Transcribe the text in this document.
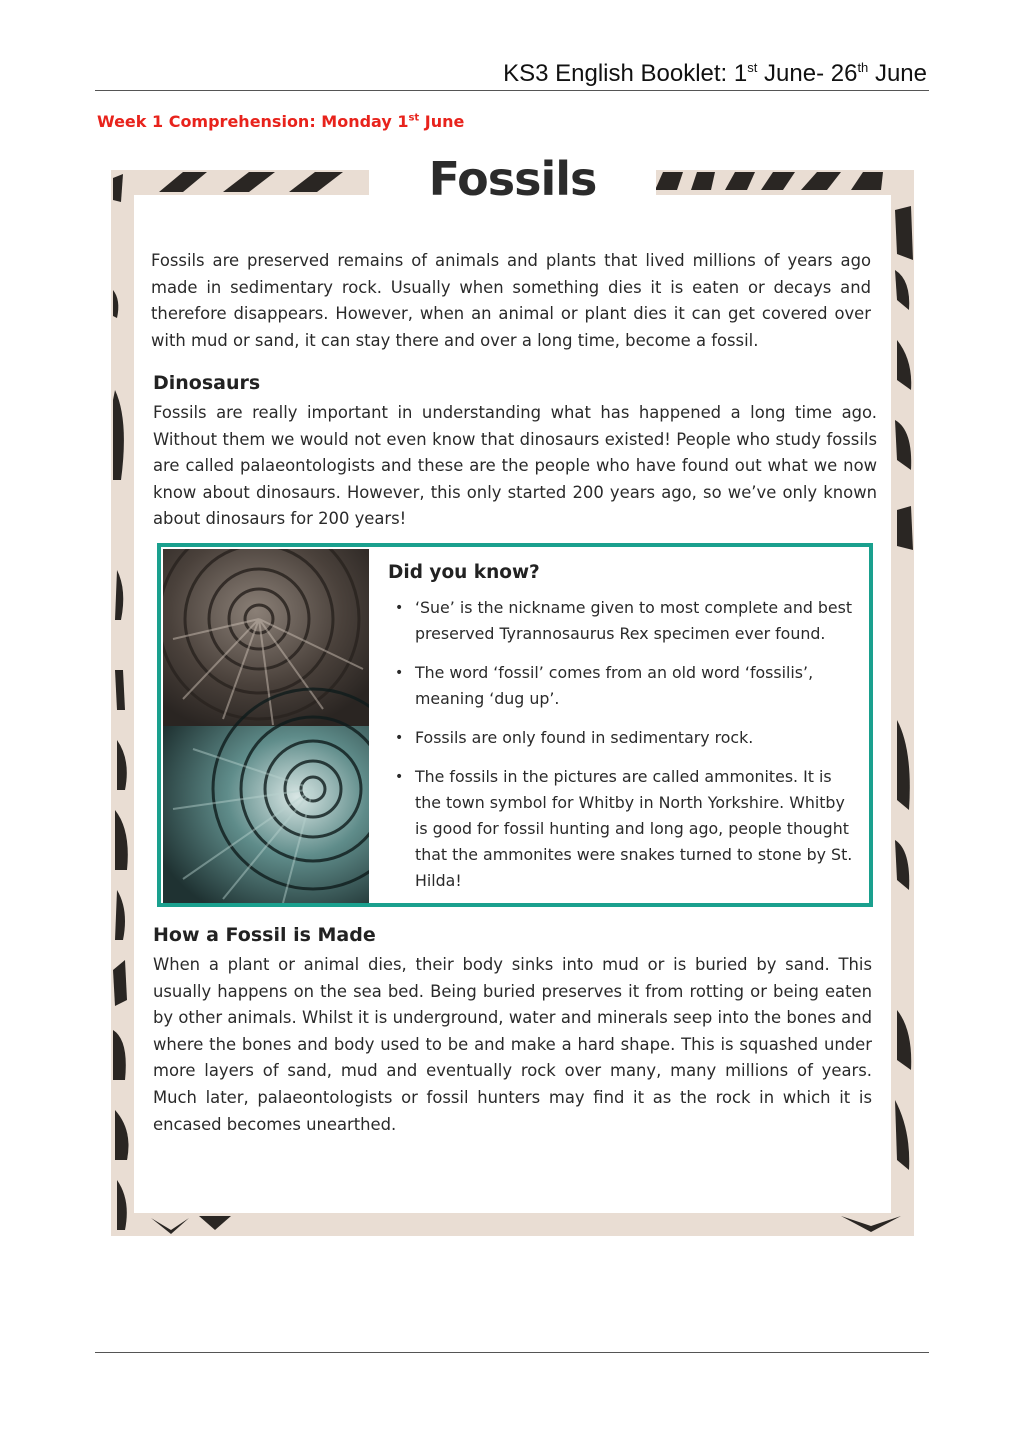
KS3 English Booklet: 1st June- 26th June
Week 1 Comprehension: Monday 1st June
Fossils
Fossils are preserved remains of animals and plants that lived millions of years ago made in sedimentary rock. Usually when something dies it is eaten or decays and therefore disappears. However, when an animal or plant dies it can get covered over with mud or sand, it can stay there and over a long time, become a fossil.
Dinosaurs
Fossils are really important in understanding what has happened a long time ago. Without them we would not even know that dinosaurs existed! People who study fossils are called palaeontologists and these are the people who have found out what we now know about dinosaurs. However, this only started 200 years ago, so we’ve only known about dinosaurs for 200 years!
Did you know?
• ‘Sue’ is the nickname given to most complete and best preserved Tyrannosaurus Rex specimen ever found.
• The word ‘fossil’ comes from an old word ‘fossilis’, meaning ‘dug up’.
• Fossils are only found in sedimentary rock.
• The fossils in the pictures are called ammonites. It is the town symbol for Whitby in North Yorkshire. Whitby is good for fossil hunting and long ago, people thought that the ammonites were snakes turned to stone by St. Hilda!
How a Fossil is Made
When a plant or animal dies, their body sinks into mud or is buried by sand. This usually happens on the sea bed. Being buried preserves it from rotting or being eaten by other animals. Whilst it is underground, water and minerals seep into the bones and where the bones and body used to be and make a hard shape. This is squashed under more layers of sand, mud and eventually rock over many, many millions of years. Much later, palaeontologists or fossil hunters may find it as the rock in which it is encased becomes unearthed.
